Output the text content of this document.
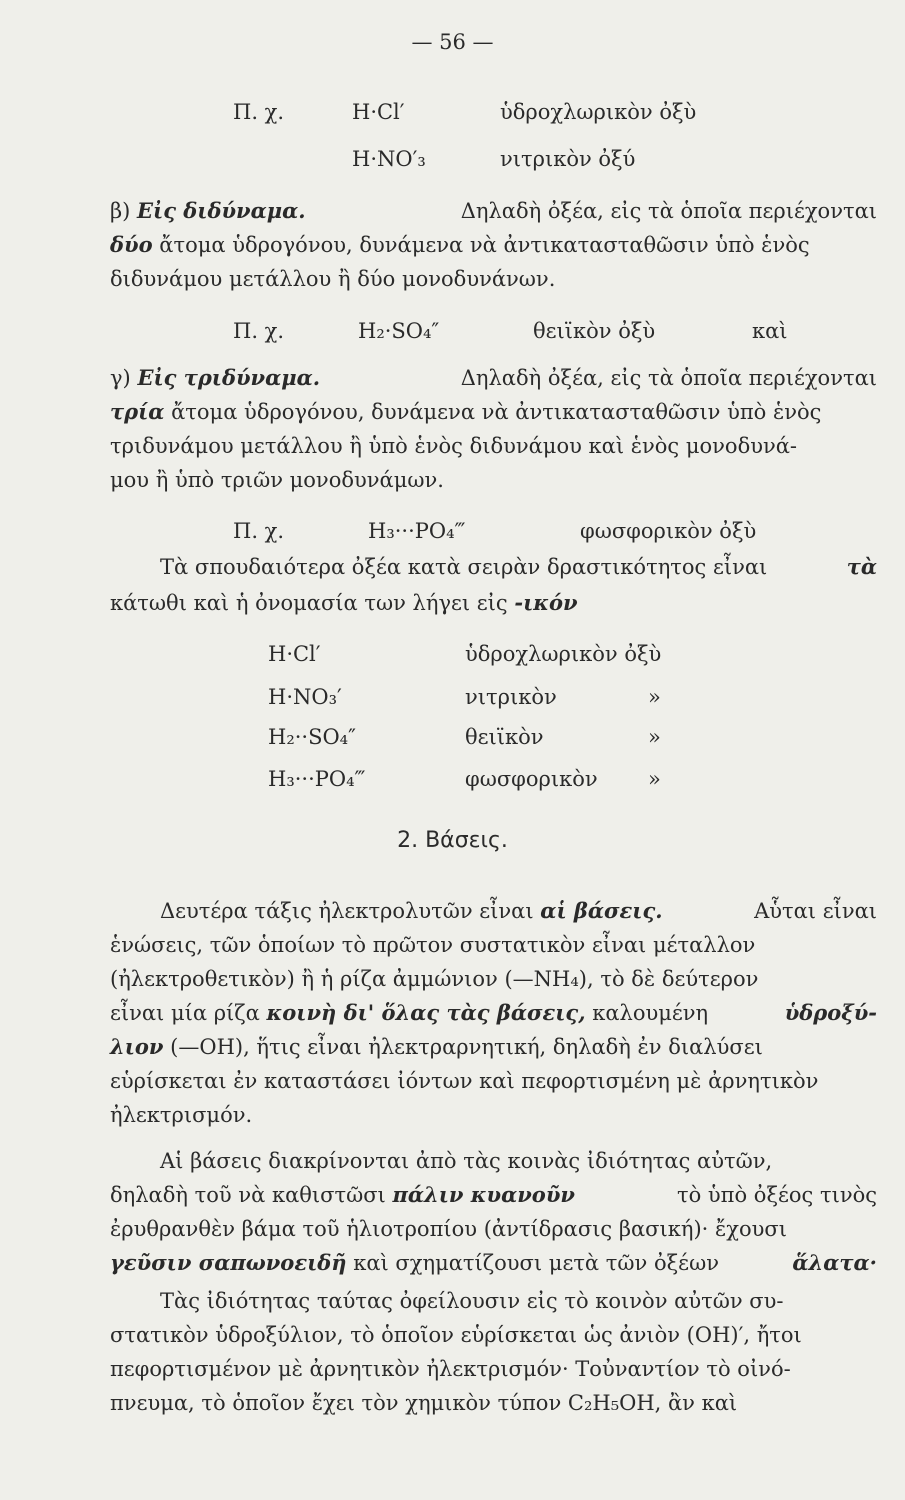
— 56 —
Π. χ.	H·Cl′	ὑδροχλωρικὸν ὀξὺ
H·NO′₃	νιτρικὸν ὀξύ
β) Εἰς διδύναμα.	Δηλαδὴ ὀξέα, εἰς τὰ ὁποῖα περιέχονται
δύο ἄτομα ὑδρογόνου, δυνάμενα νὰ ἀντικατασταθῶσιν ὑπὸ ἑνὸς
διδυνάμου μετάλλου ἢ δύο μονοδυνάνων.
Π. χ.	H₂·SO₄″	θειϊκὸν ὀξὺ	καὶ
γ) Εἰς τριδύναμα.	Δηλαδὴ ὀξέα, εἰς τὰ ὁποῖα περιέχονται
τρία ἄτομα ὑδρογόνου, δυνάμενα νὰ ἀντικατασταθῶσιν ὑπὸ ἑνὸς
τριδυνάμου μετάλλου ἢ ὑπὸ ἑνὸς διδυνάμου καὶ ἑνὸς μονοδυνά-
μου ἢ ὑπὸ τριῶν μονοδυνάμων.
Π. χ.	H₃···PO₄‴	φωσφορικὸν ὀξὺ
Τὰ σπουδαιότερα ὀξέα κατὰ σειρὰν δραστικότητος εἶναι	τὰ
κάτωθι καὶ ἡ ὀνομασία των λήγει εἰς -ικόν
H·Cl′	ὑδροχλωρικὸν ὀξὺ
H·NO₃′	νιτρικὸν	»
H₂··SO₄″	θειϊκὸν	»
H₃···PO₄‴	φωσφορικὸν »
2. Βάσεις.
Δευτέρα τάξις ἠλεκτρολυτῶν εἶναι αἱ βάσεις.	Αὗται εἶναι
ἑνώσεις, τῶν ὁποίων τὸ πρῶτον συστατικὸν εἶναι μέταλλον
(ἠλεκτροθετικὸν) ἢ ἡ ρίζα ἀμμώνιον (—NH₄), τὸ δὲ δεύτερον
εἶναι μία ρίζα κοινὴ δι' ὅλας τὰς βάσεις, καλουμένη	ὑδροξύ-
λιον (—OH), ἥτις εἶναι ἠλεκτραρνητική, δηλαδὴ ἐν διαλύσει
εὑρίσκεται ἐν καταστάσει ἰόντων καὶ πεφορτισμένη μὲ ἀρνητικὸν
ἠλεκτρισμόν.
Αἱ βάσεις διακρίνονται ἀπὸ τὰς κοινὰς ἰδιότητας αὐτῶν,
δηλαδὴ τοῦ νὰ καθιστῶσι πάλιν κυανοῦν	τὸ ὑπὸ ὀξέος τινὸς
ἐρυθρανθὲν βάμα τοῦ ἡλιοτροπίου (ἀντίδρασις βασική)· ἔχουσι
γεῦσιν σαπωνοειδῆ καὶ σχηματίζουσι μετὰ τῶν ὀξέων	ἅλατα·
Τὰς ἰδιότητας ταύτας ὀφείλουσιν εἰς τὸ κοινὸν αὐτῶν συ-
στατικὸν ὑδροξύλιον, τὸ ὁποῖον εὑρίσκεται ὡς ἀνιὸν (OH)′, ἤτοι
πεφορτισμένον μὲ ἀρνητικὸν ἠλεκτρισμόν· Τοὐναντίον τὸ οἰνό-
πνευμα, τὸ ὁποῖον ἔχει τὸν χημικὸν τύπον C₂H₅OH, ἂν καὶ
